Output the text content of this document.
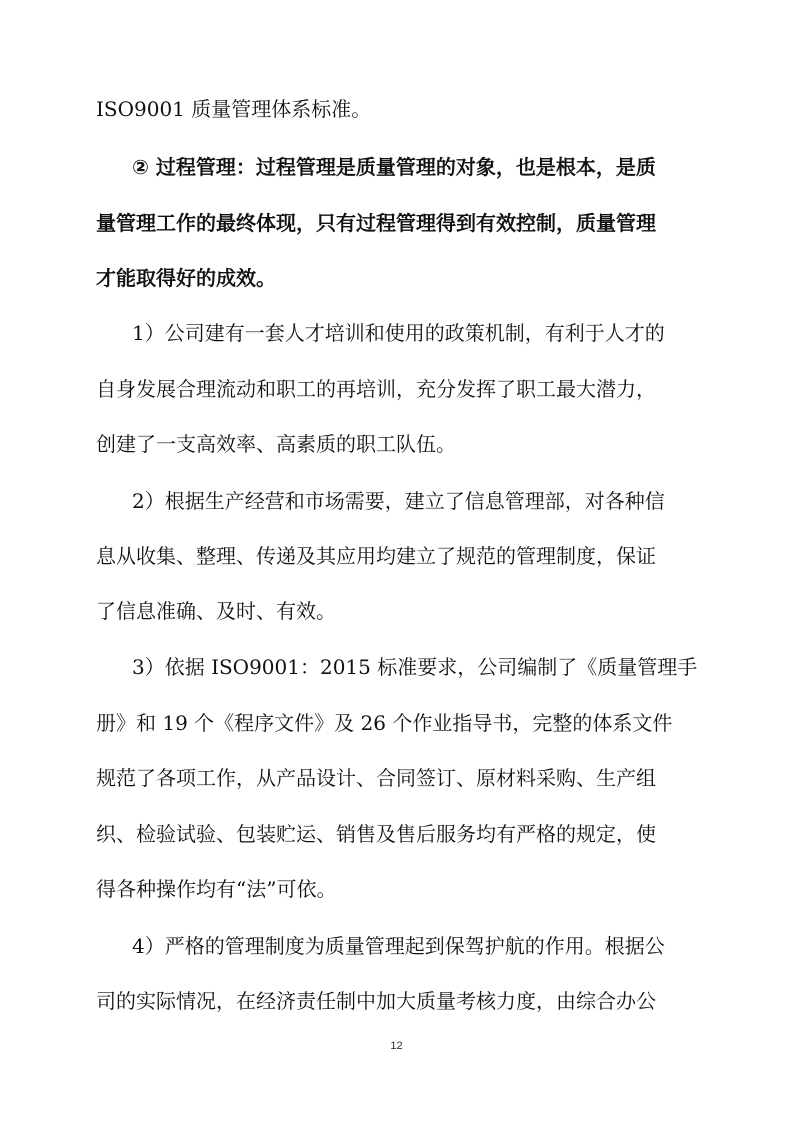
ISO9001 质量管理体系标准。
② 过程管理：过程管理是质量管理的对象，也是根本，是质
量管理工作的最终体现，只有过程管理得到有效控制，质量管理
才能取得好的成效。
1）公司建有一套人才培训和使用的政策机制，有利于人才的
自身发展合理流动和职工的再培训，充分发挥了职工最大潜力，
创建了一支高效率、高素质的职工队伍。
2）根据生产经营和市场需要，建立了信息管理部，对各种信
息从收集、整理、传递及其应用均建立了规范的管理制度，保证
了信息准确、及时、有效。
3）依据 ISO9001：2015 标准要求，公司编制了《质量管理手
册》和 19 个《程序文件》及 26 个作业指导书，完整的体系文件
规范了各项工作，从产品设计、合同签订、原材料采购、生产组
织、检验试验、包装贮运、销售及售后服务均有严格的规定，使
得各种操作均有“法”可依。
4）严格的管理制度为质量管理起到保驾护航的作用。根据公
司的实际情况，在经济责任制中加大质量考核力度，由综合办公
12
